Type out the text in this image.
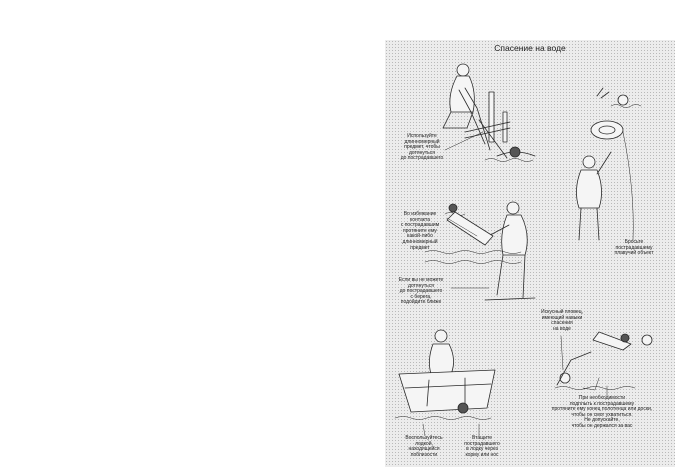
Спасение на воде
Используйте
длинномерный
предмет, чтобы
дотянуться
до пострадавшего
Во избежание
контакта
с пострадавшим
протяните ему
какой-либо
длинномерный
предмет
Бросьте
пострадавшему
плавучий объект
Если вы не можете
дотянуться
до пострадавшего
с берега,
подойдите ближе
Искусный пловец,
имеющий навыки
спасения
на воде
Воспользуйтесь
лодкой,
находящейся
поблизости
Втащите
пострадавшего
в лодку через
корму или нос
При необходимости
подплыть к пострадавшему
протяните ему конец полотенца или доски,
чтобы он смог ухватиться.
Не допускайте,
чтобы он держался за вас
